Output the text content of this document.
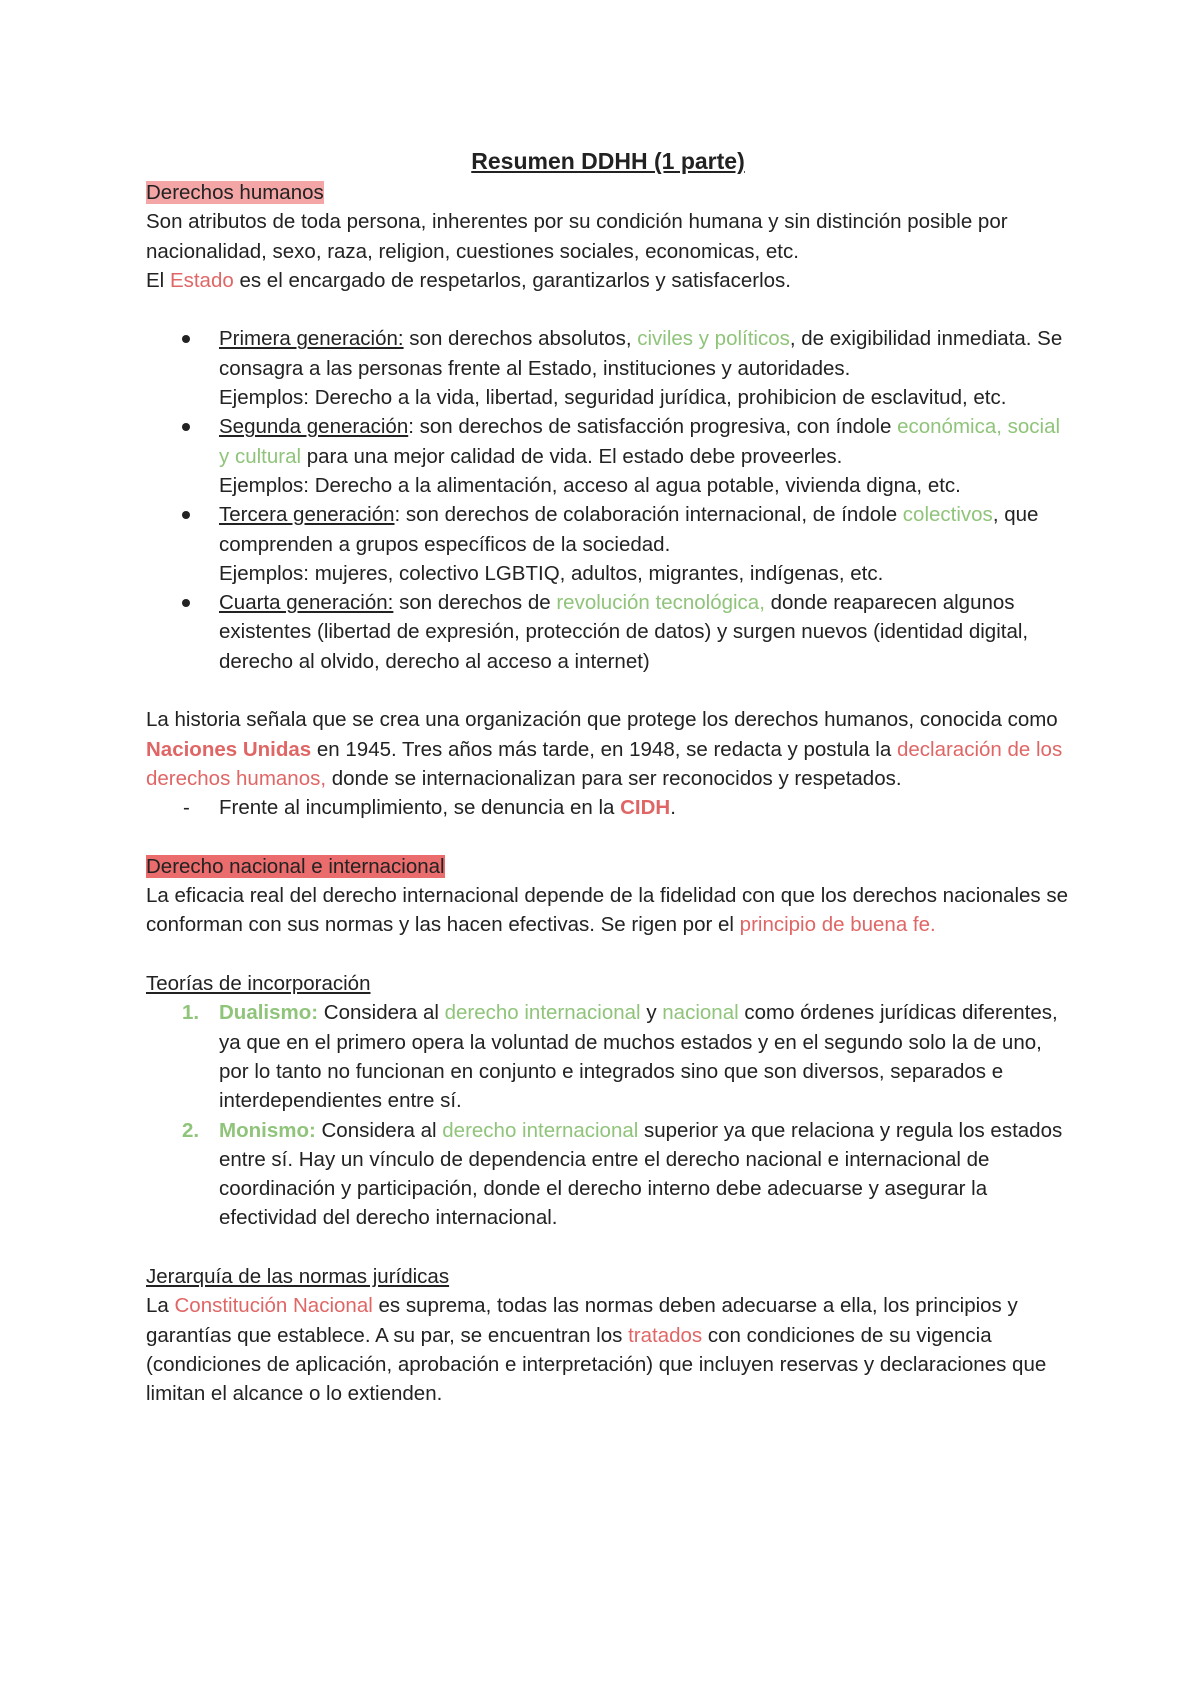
Resumen DDHH (1 parte)

Derechos humanos

Son atributos de toda persona, inherentes por su condición humana y sin distinción posible por nacionalidad, sexo, raza, religion, cuestiones sociales, economicas, etc.

El Estado es el encargado de respetarlos, garantizarlos y satisfacerlos.

Primera generación: son derechos absolutos, civiles y políticos, de exigibilidad inmediata. Se consagra a las personas frente al Estado, instituciones y autoridades.
Ejemplos: Derecho a la vida, libertad, seguridad jurídica, prohibicion de esclavitud, etc.
Segunda generación: son derechos de satisfacción progresiva, con índole económica, social y cultural para una mejor calidad de vida. El estado debe proveerles.
Ejemplos: Derecho a la alimentación, acceso al agua potable, vivienda digna, etc.
Tercera generación: son derechos de colaboración internacional, de índole colectivos, que comprenden a grupos específicos de la sociedad.
Ejemplos: mujeres, colectivo LGBTIQ, adultos, migrantes, indígenas, etc.
Cuarta generación: son derechos de revolución tecnológica, donde reaparecen algunos existentes (libertad de expresión, protección de datos) y surgen nuevos (identidad digital, derecho al olvido, derecho al acceso a internet)

La historia señala que se crea una organización que protege los derechos humanos, conocida como Naciones Unidas en 1945. Tres años más tarde, en 1948, se redacta y postula la declaración de los derechos humanos, donde se internacionalizan para ser reconocidos y respetados.

- Frente al incumplimiento, se denuncia en la CIDH.

Derecho nacional e internacional

La eficacia real del derecho internacional depende de la fidelidad con que los derechos nacionales se conforman con sus normas y las hacen efectivas. Se rigen por el principio de buena fe.

Teorías de incorporación

1. Dualismo: Considera al derecho internacional y nacional como órdenes jurídicas diferentes, ya que en el primero opera la voluntad de muchos estados y en el segundo solo la de uno, por lo tanto no funcionan en conjunto e integrados sino que son diversos, separados e interdependientes entre sí.
2. Monismo: Considera al derecho internacional superior ya que relaciona y regula los estados entre sí. Hay un vínculo de dependencia entre el derecho nacional e internacional de coordinación y participación, donde el derecho interno debe adecuarse y asegurar la efectividad del derecho internacional.

Jerarquía de las normas jurídicas

La Constitución Nacional es suprema, todas las normas deben adecuarse a ella, los principios y garantías que establece. A su par, se encuentran los tratados con condiciones de su vigencia (condiciones de aplicación, aprobación e interpretación) que incluyen reservas y declaraciones que limitan el alcance o lo extienden.
